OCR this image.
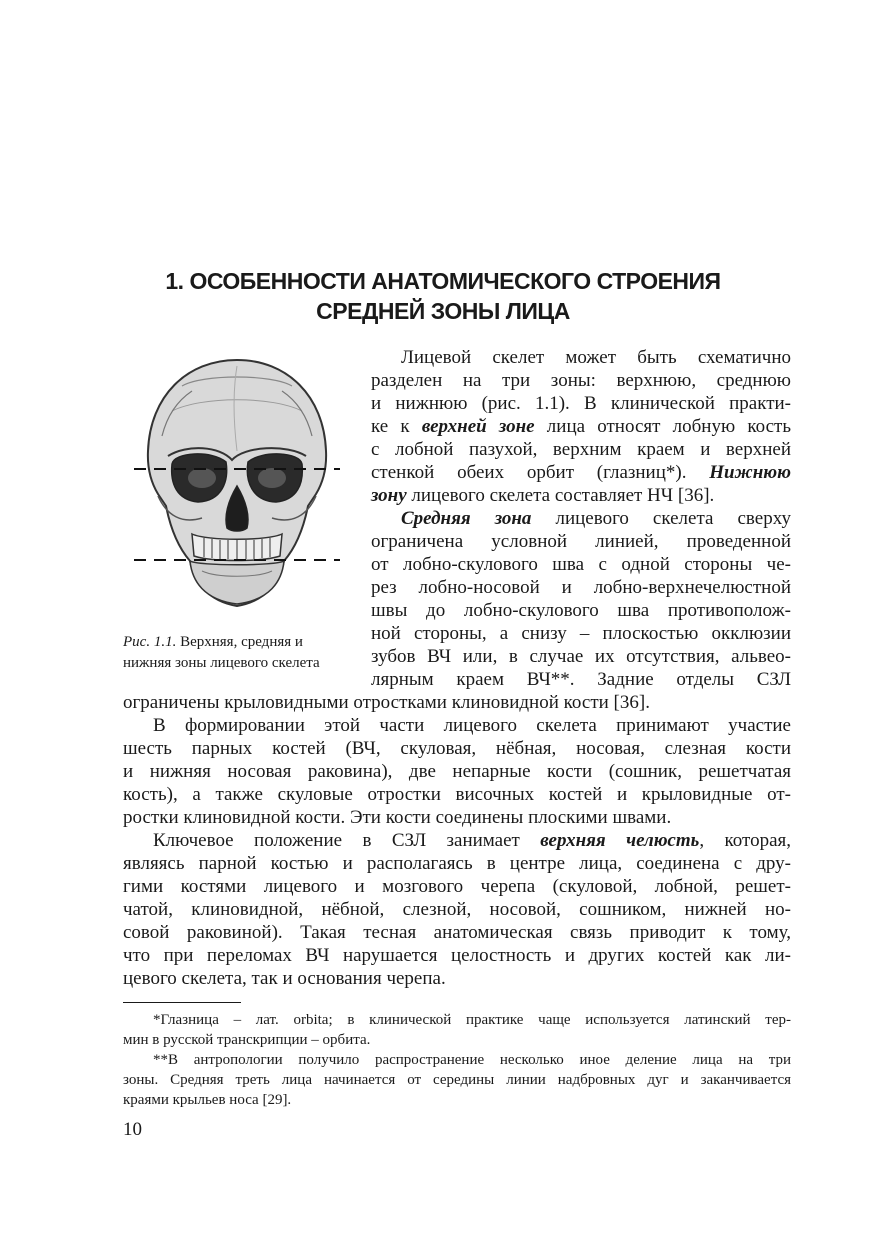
1. ОСОБЕННОСТИ АНАТОМИЧЕСКОГО СТРОЕНИЯ
СРЕДНЕЙ ЗОНЫ ЛИЦА
Рис. 1.1. Верхняя, средняя и
нижняя зоны лицевого скелета
Лицевой скелет может быть схематично
разделен на три зоны: верхнюю, среднюю
и нижнюю (рис. 1.1). В клинической практи-
ке к верхней зоне лица относят лобную кость
с лобной пазухой, верхним краем и верхней
стенкой обеих орбит (глазниц*). Нижнюю
зону лицевого скелета составляет НЧ [36].
Средняя зона лицевого скелета сверху
ограничена условной линией, проведенной
от лобно-скулового шва с одной стороны че-
рез лобно-носовой и лобно-верхнечелюстной
швы до лобно-скулового шва противополож-
ной стороны, а снизу – плоскостью окклюзии
зубов ВЧ или, в случае их отсутствия, альвео-
лярным краем ВЧ**. Задние отделы СЗЛ
ограничены крыловидными отростками клиновидной кости [36].
В формировании этой части лицевого скелета принимают участие
шесть парных костей (ВЧ, скуловая, нёбная, носовая, слезная кости
и нижняя носовая раковина), две непарные кости (сошник, решетчатая
кость), а также скуловые отростки височных костей и крыловидные от-
ростки клиновидной кости. Эти кости соединены плоскими швами.
Ключевое положение в СЗЛ занимает верхняя челюсть, которая,
являясь парной костью и располагаясь в центре лица, соединена с дру-
гими костями лицевого и мозгового черепа (скуловой, лобной, решет-
чатой, клиновидной, нёбной, слезной, носовой, сошником, нижней но-
совой раковиной). Такая тесная анатомическая связь приводит к тому,
что при переломах ВЧ нарушается целостность и других костей как ли-
цевого скелета, так и основания черепа.
*Глазница – лат. orbita; в клинической практике чаще используется латинский тер-
мин в русской транскрипции – орбита.
**В антропологии получило распространение несколько иное деление лица на три
зоны. Средняя треть лица начинается от середины линии надбровных дуг и заканчивается
краями крыльев носа [29].
10
